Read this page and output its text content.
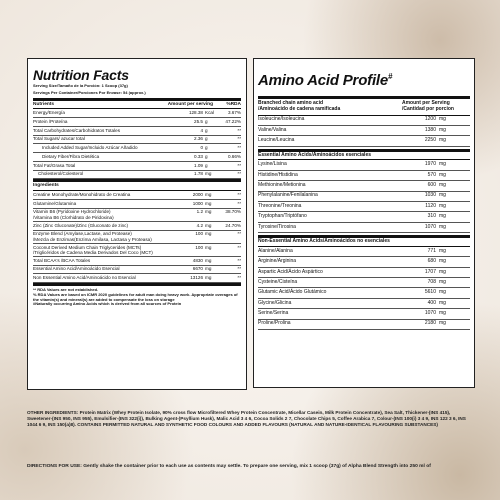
Nutrition Facts
Serving Size/Tamaño de la Porción: 1 Scoop (37g)
Servings Per Container/Porciones Por Envase: 54 (approx.)
Nutrients	Amount per serving	%RDA
Energy/Energía	128.38 Kcal	3.67%
Protein /Proteína	25.5 g	47.22%
Total Carbohydrates/Carbohidratos Totales	4 g	**
Total Sugars/ azucar total	2.36 g	**
Included Added Sugar/Incluido Azúcar Añadido	0 g	**
Dietary Fiber/Fibra Dietética	0.33 g	0.66%
Total Fat/Grasa Total	1.09 g	**
Cholesterol/Colesterol	1.78 mg	**
Ingredients
Creatine Monohydrate/Monohidrato de Creatina	2000 mg	**
Glutamine/Glutamina	1000 mg	**
Vitamin B6 (Pyridoxine Hydrochloride)
/Vitamina B6 (Clorhidrato de Piridoxina)
1.2 mg	38.70%
Zinc (Zinc Gluconate)/Zinc (Gluconato de zinc)	4.2 mg	24.70%
Enzyme Blend (Amylase,Lactase, and Protease)
/Mezcla de Enzimas(Enzima Amilasa, Lactasa y Proteasa)
100 mg	**
Coconut Derived Medium Chain Triglycerides (MCTs)
/Triglicéridos de Cadena Media Derivados Del Coco (MCT)
100 mg	**
Total BCAA's /BCAA Totales	4830 mg	**
Essential Amino Acid/Aminoácido Esencial	6670 mg	**
Non Essential Amino Acid/Aminoácido no Esencial	13126 mg	**
** RDA Values are not established.
% RDA Values are based on ICMR 2020 guidelines for adult man doing heavy work. Appropriate overages of the vitamin(s) and mineral(s) are added to compensate the loss on storage
#Naturally occurring Amino Acids which is derived from all sources of Protein
Amino Acid Profile#
Branched chain amino acid
/Aminoácido de cadena ramificada
Amount per Serving
/Cantidad por porcion
Isoleucine/Isoleucina	1200 mg
Valine/Valina	1380 mg
Leucine/Leucina	2250 mg
Essential Amino Acids/Aminoácidos esenciales
Lysine/Lisina	1970 mg
Histidine/Histidina	570 mg
Methionine/Metionina	600 mg
Phenylalanine/Fenilalanina	1030 mg
Threonine/Treonina	1120 mg
Tryptophan/Triptófano	310 mg
Tyrosine/Tirosina	1070 mg
Non-Essential Amino Acids/Aminoácidos no esenciales
Alanine/Alanina	771 mg
Arginine/Arginina	680 mg
Aspartic Acid/Ácido Aspártico	1707 mg
Cysteine/Cisteína	708 mg
Glutamic Acid/Ácido Glutámico	5610 mg
Glycine/Glicina	400 mg
Serine/Serina	1070 mg
Proline/Prolina	2180 mg
OTHER INGREDIENTS: Protein Matrix (Whey Protein Isolate, 90% cross flow Microfiltered Whey Protein Concentrate, Micellar Casein, Milk Protein Concentrate), Sea Salt, Thickener-(INS 415), Sweetener-(INS 950, INS 955), Emulsifier-(INS 322(i)), Bulking Agent-(Psyllium Husk), Malic Acid 3 4 6, Cocoa Solids 2 7, Chocolate Chips 5, Coffee Arabica 7, Colour-(INS 100(i) 3 4 9, INS 122 3 6, INS 1044 6 9, INS 150(a)8). CONTAINS PERMITTED NATURAL AND SYNTHETIC FOOD COLOURS AND ADDED FLAVOURS (NATURAL AND NATURE-IDENTICAL FLAVOURING SUBSTANCES)
DIRECTIONS FOR USE: Gently shake the container prior to each use as contents may settle. To prepare one serving, mix 1 scoop (37g) of Alpha Blend Strength into 250 ml of
